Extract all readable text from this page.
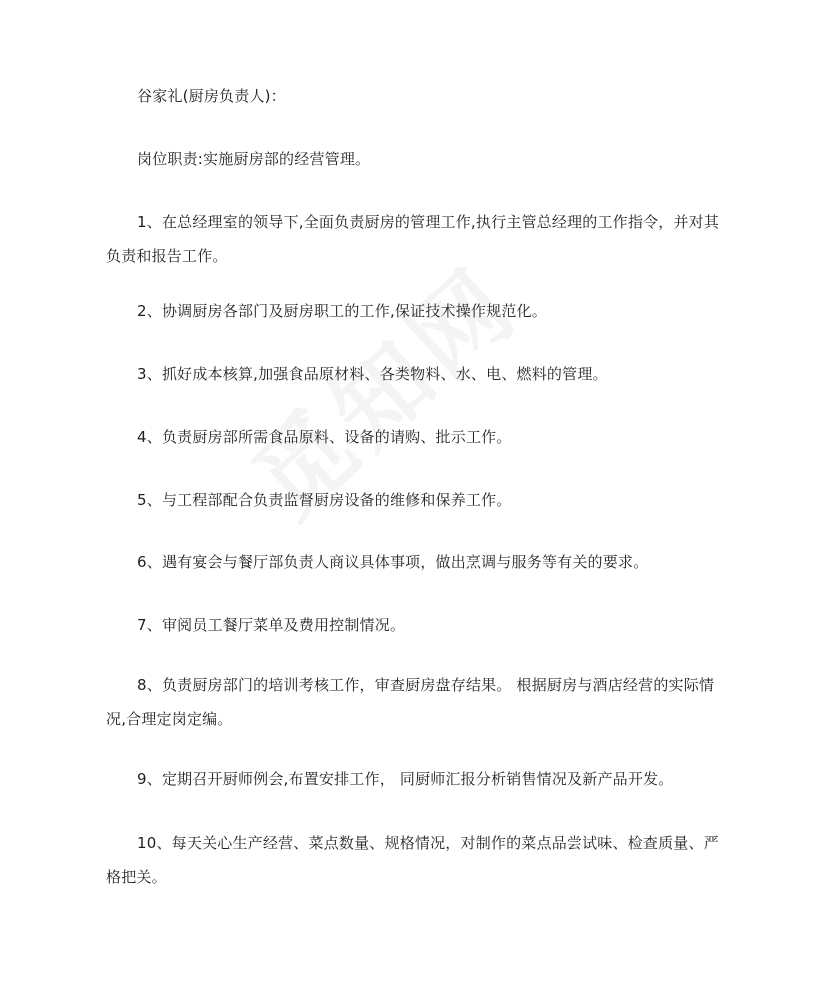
谷家礼(厨房负责人)：

岗位职责:实施厨房部的经营管理。

1、在总经理室的领导下,全面负责厨房的管理工作,执行主管总经理的工作指令，并对其负责和报告工作。

2、协调厨房各部门及厨房职工的工作,保证技术操作规范化。

3、抓好成本核算,加强食品原材料、各类物料、水、电、燃料的管理。

4、负责厨房部所需食品原料、设备的请购、批示工作。

5、与工程部配合负责监督厨房设备的维修和保养工作。

6、遇有宴会与餐厅部负责人商议具体事项，做出烹调与服务等有关的要求。

7、审阅员工餐厅菜单及费用控制情况。

8、负责厨房部门的培训考核工作，审查厨房盘存结果。 根据厨房与酒店经营的实际情况,合理定岗定编。

9、定期召开厨师例会,布置安排工作， 同厨师汇报分析销售情况及新产品开发。

10、每天关心生产经营、菜点数量、规格情况，对制作的菜点品尝试味、检查质量、严格把关。
